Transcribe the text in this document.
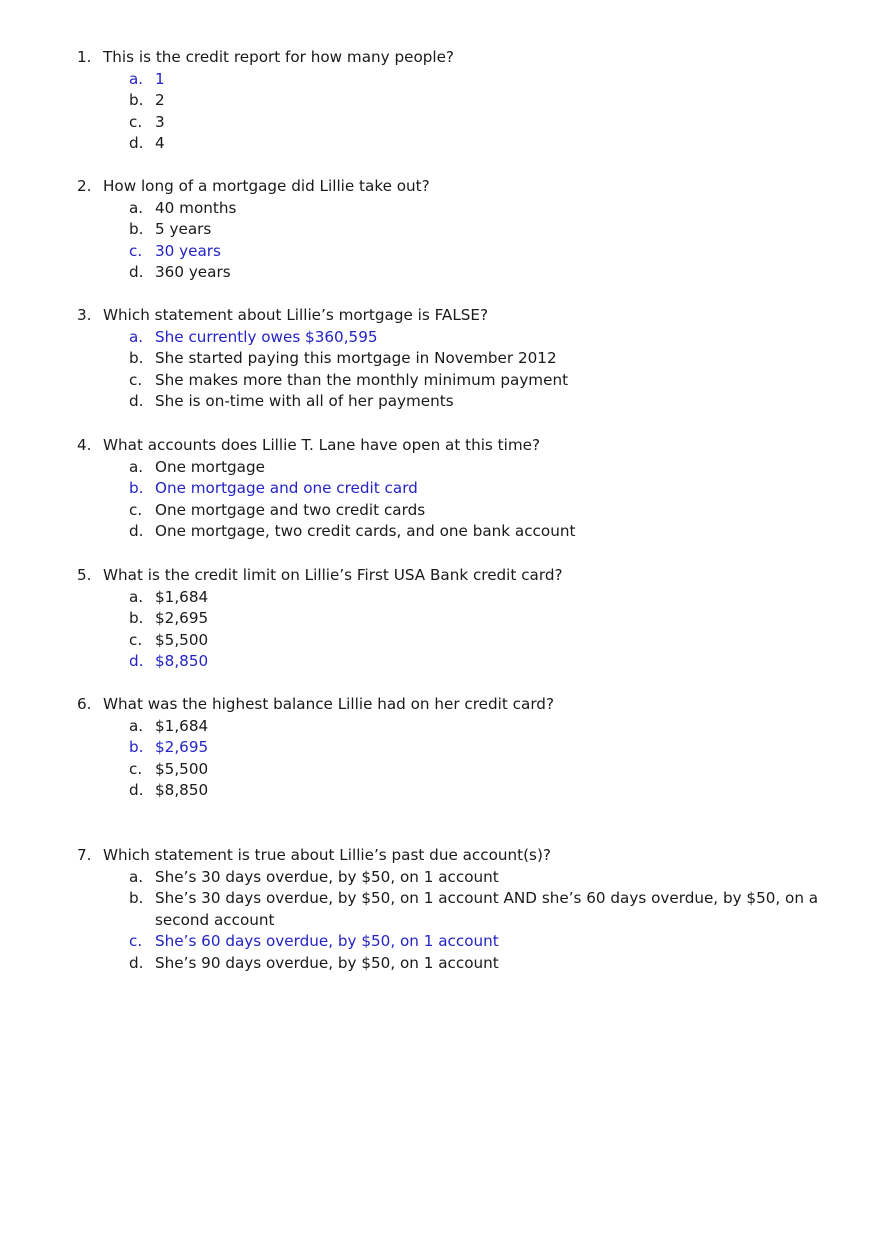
1. This is the credit report for how many people?
a. 1
b. 2
c. 3
d. 4
2. How long of a mortgage did Lillie take out?
a. 40 months
b. 5 years
c. 30 years
d. 360 years
3. Which statement about Lillie’s mortgage is FALSE?
a. She currently owes $360,595
b. She started paying this mortgage in November 2012
c. She makes more than the monthly minimum payment
d. She is on-time with all of her payments
4. What accounts does Lillie T. Lane have open at this time?
a. One mortgage
b. One mortgage and one credit card
c. One mortgage and two credit cards
d. One mortgage, two credit cards, and one bank account
5. What is the credit limit on Lillie’s First USA Bank credit card?
a. $1,684
b. $2,695
c. $5,500
d. $8,850
6. What was the highest balance Lillie had on her credit card?
a. $1,684
b. $2,695
c. $5,500
d. $8,850
7. Which statement is true about Lillie’s past due account(s)?
a. She’s 30 days overdue, by $50, on 1 account
b. She’s 30 days overdue, by $50, on 1 account AND she’s 60 days overdue, by $50, on a second account
c. She’s 60 days overdue, by $50, on 1 account
d. She’s 90 days overdue, by $50, on 1 account
